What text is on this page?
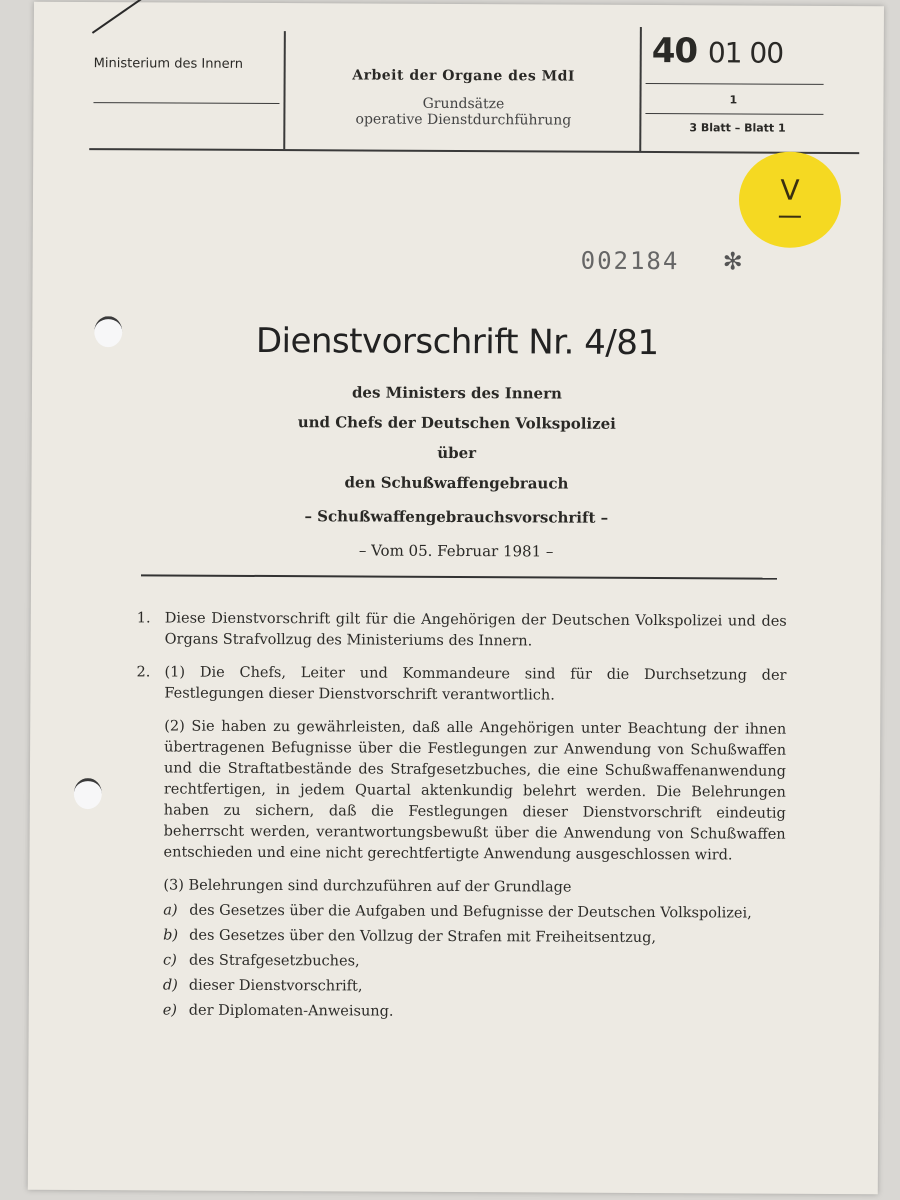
Ministerium des Innern
Arbeit der Organe des MdI
Grundsätze
operative Dienstdurchführung
40 01 00
1
3 Blatt – Blatt 1
V
002184 ✻
Dienstvorschrift Nr. 4/81
des Ministers des Innern
und Chefs der Deutschen Volkspolizei
über
den Schußwaffengebrauch
– Schußwaffengebrauchsvorschrift –
– Vom 05. Februar 1981 –
1. Diese Dienstvorschrift gilt für die Angehörigen der Deutschen Volkspolizei und des Organs Strafvollzug des Ministeriums des Innern.
2. (1) Die Chefs, Leiter und Kommandeure sind für die Durchsetzung der Festlegungen dieser Dienstvorschrift verantwortlich.
(2) Sie haben zu gewährleisten, daß alle Angehörigen unter Beachtung der ihnen übertragenen Befugnisse über die Festlegungen zur Anwendung von Schußwaffen und die Straftatbestände des Strafgesetzbuches, die eine Schußwaffenanwendung rechtfertigen, in jedem Quartal aktenkundig belehrt werden. Die Belehrungen haben zu sichern, daß die Festlegungen dieser Dienstvorschrift eindeutig beherrscht werden, verantwortungsbewußt über die Anwendung von Schußwaffen entschieden und eine nicht gerechtfertigte Anwendung ausgeschlossen wird.
(3) Belehrungen sind durchzuführen auf der Grundlage
a) des Gesetzes über die Aufgaben und Befugnisse der Deutschen Volkspolizei,
b) des Gesetzes über den Vollzug der Strafen mit Freiheitsentzug,
c) des Strafgesetzbuches,
d) dieser Dienstvorschrift,
e) der Diplomaten-Anweisung.
